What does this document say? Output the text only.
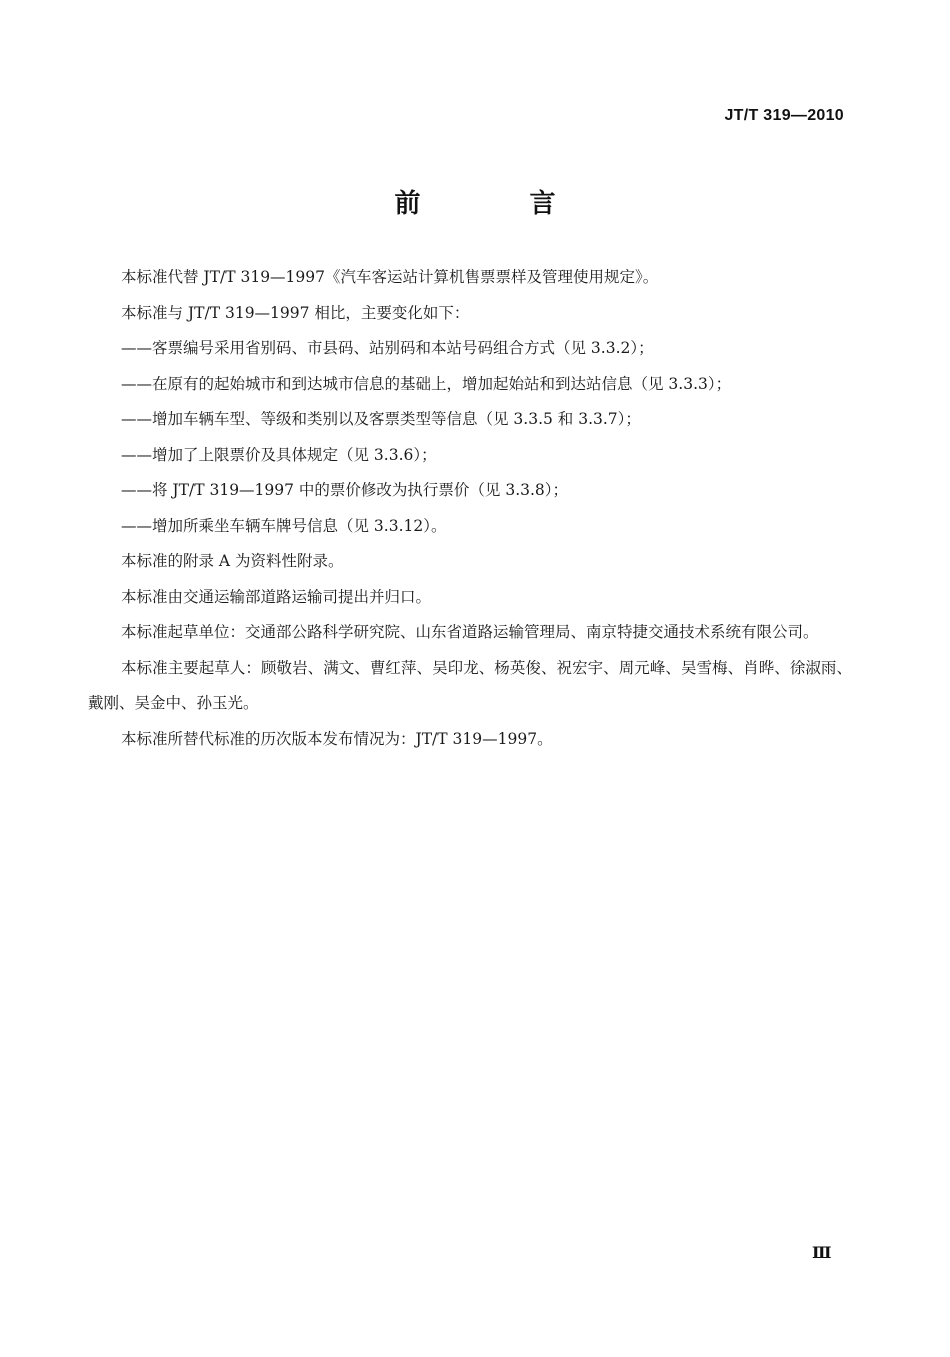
JT/T 319—2010
前 言

本标准代替 JT/T 319—1997《汽车客运站计算机售票票样及管理使用规定》。

本标准与 JT/T 319—1997 相比，主要变化如下：

——客票编号采用省别码、市县码、站别码和本站号码组合方式（见 3.3.2）；

——在原有的起始城市和到达城市信息的基础上，增加起始站和到达站信息（见 3.3.3）；

——增加车辆车型、等级和类别以及客票类型等信息（见 3.3.5 和 3.3.7）；

——增加了上限票价及具体规定（见 3.3.6）；

——将 JT/T 319—1997 中的票价修改为执行票价（见 3.3.8）；

——增加所乘坐车辆车牌号信息（见 3.3.12）。

本标准的附录 A 为资料性附录。

本标准由交通运输部道路运输司提出并归口。

本标准起草单位：交通部公路科学研究院、山东省道路运输管理局、南京特捷交通技术系统有限公司。

本标准主要起草人：顾敬岩、满文、曹红萍、吴印龙、杨英俊、祝宏宇、周元峰、吴雪梅、肖晔、徐淑雨、戴刚、吴金中、孙玉光。

本标准所替代标准的历次版本发布情况为：JT/T 319—1997。

Ⅲ
